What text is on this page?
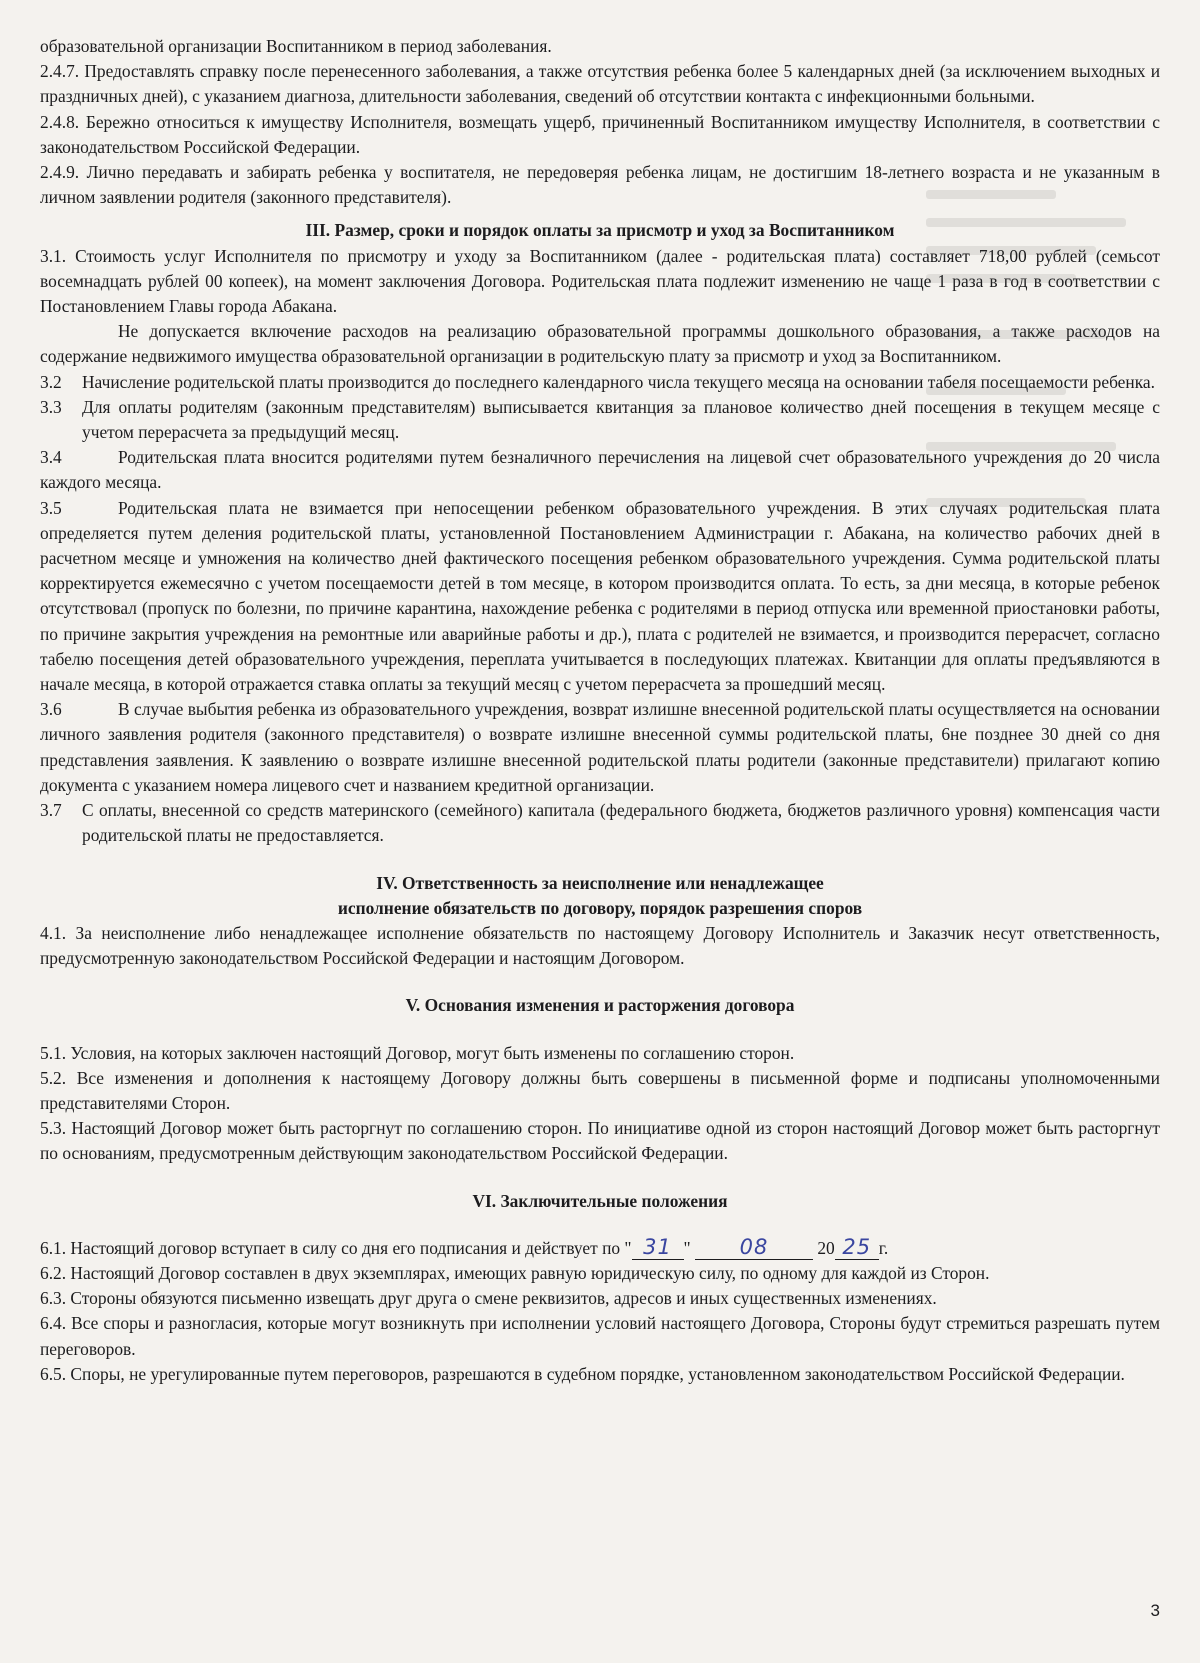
образовательной организации Воспитанником в период заболевания.

2.4.7. Предоставлять справку после перенесенного заболевания, а также отсутствия ребенка более 5 календарных дней (за исключением выходных и праздничных дней), с указанием диагноза, длительности заболевания, сведений об отсутствии контакта с инфекционными больными.

2.4.8. Бережно относиться к имуществу Исполнителя, возмещать ущерб, причиненный Воспитанником имуществу Исполнителя, в соответствии с законодательством Российской Федерации.

2.4.9. Лично передавать и забирать ребенка у воспитателя, не передоверяя ребенка лицам, не достигшим 18-летнего возраста и не указанным в личном заявлении родителя (законного представителя).

III. Размер, сроки и порядок оплаты за присмотр и уход за Воспитанником

3.1. Стоимость услуг Исполнителя по присмотру и уходу за Воспитанником (далее - родительская плата) составляет 718,00 рублей (семьсот восемнадцать рублей 00 копеек), на момент заключения Договора. Родительская плата подлежит изменению не чаще 1 раза в год в соответствии с Постановлением Главы города Абакана.

Не допускается включение расходов на реализацию образовательной программы дошкольного образования, а также расходов на содержание недвижимого имущества образовательной организации в родительскую плату за присмотр и уход за Воспитанником.

3.2	Начисление родительской платы производится до последнего календарного числа текущего месяца на основании табеля посещаемости ребенка.
3.3	Для оплаты родителям (законным представителям) выписывается квитанция за плановое количество дней посещения в текущем месяце с учетом перерасчета за предыдущий месяц.

3.4	Родительская плата вносится родителями путем безналичного перечисления на лицевой счет образовательного учреждения до 20 числа каждого месяца.

3.5	Родительская плата не взимается при непосещении ребенком образовательного учреждения. В этих случаях родительская плата определяется путем деления родительской платы, установленной Постановлением Администрации г. Абакана, на количество рабочих дней в расчетном месяце и умножения на количество дней фактического посещения ребенком образовательного учреждения. Сумма родительской платы корректируется ежемесячно с учетом посещаемости детей в том месяце, в котором производится оплата. То есть, за дни месяца, в которые ребенок отсутствовал (пропуск по болезни, по причине карантина, нахождение ребенка с родителями в период отпуска или временной приостановки работы, по причине закрытия учреждения на ремонтные или аварийные работы и др.), плата с родителей не взимается, и производится перерасчет, согласно табелю посещения детей образовательного учреждения, переплата учитывается в последующих платежах. Квитанции для оплаты предъявляются в начале месяца, в которой отражается ставка оплаты за текущий месяц с учетом перерасчета за прошедший месяц.

3.6	В случае выбытия ребенка из образовательного учреждения, возврат излишне внесенной родительской платы осуществляется на основании личного заявления родителя (законного представителя) о возврате излишне внесенной суммы родительской платы, 6не позднее 30 дней со дня представления заявления. К заявлению о возврате излишне внесенной родительской платы родители (законные представители) прилагают копию документа с указанием номера лицевого счет и названием кредитной организации.

3.7	С оплаты, внесенной со средств материнского (семейного) капитала (федерального бюджета, бюджетов различного уровня) компенсация части родительской платы не предоставляется.

IV. Ответственность за неисполнение или ненадлежащее

исполнение обязательств по договору, порядок разрешения споров

4.1. За неисполнение либо ненадлежащее исполнение обязательств по настоящему Договору Исполнитель и Заказчик несут ответственность, предусмотренную законодательством Российской Федерации и настоящим Договором.

V. Основания изменения и расторжения договора

5.1. Условия, на которых заключен настоящий Договор, могут быть изменены по соглашению сторон.

5.2. Все изменения и дополнения к настоящему Договору должны быть совершены в письменной форме и подписаны уполномоченными представителями Сторон.

5.3. Настоящий Договор может быть расторгнут по соглашению сторон. По инициативе одной из сторон настоящий Договор может быть расторгнут по основаниям, предусмотренным действующим законодательством Российской Федерации.

VI. Заключительные положения

6.1. Настоящий договор вступает в силу со дня его подписания и действует по " 31 " 08	20 25 г.

6.2. Настоящий Договор составлен в двух экземплярах, имеющих равную юридическую силу, по одному для каждой из Сторон.

6.3. Стороны обязуются письменно извещать друг друга о смене реквизитов, адресов и иных существенных изменениях.

6.4. Все споры и разногласия, которые могут возникнуть при исполнении условий настоящего Договора, Стороны будут стремиться разрешать путем переговоров.

6.5. Споры, не урегулированные путем переговоров, разрешаются в судебном порядке, установленном законодательством Российской Федерации.

3
